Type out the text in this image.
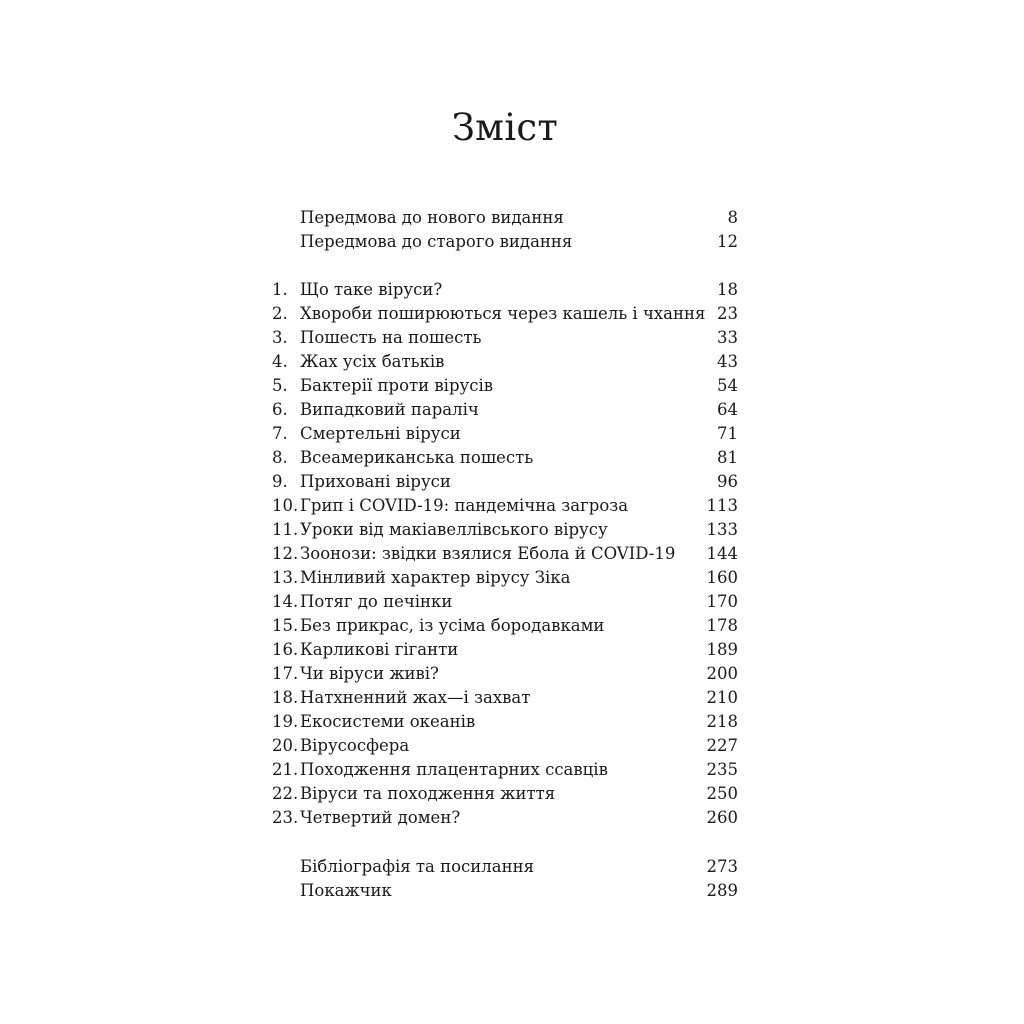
Зміст
Передмова до нового видання	8
Передмова до старого видання	12
1. Що таке віруси?	18
2. Хвороби поширюються через кашель і чхання 23
3. Пошесть на пошесть	33
4. Жах усіх батьків	43
5. Бактерії проти вірусів	54
6. Випадковий параліч	64
7. Смертельні віруси	71
8. Всеамериканська пошесть	81
9. Приховані віруси	96
10. Грип і COVID-19: пандемічна загроза	113
11. Уроки від макіавеллівського вірусу	133
12. Зоонози: звідки взялися Ебола й COVID-19 144
13. Мінливий характер вірусу Зіка	160
14. Потяг до печінки	170
15. Без прикрас, із усіма бородавками	178
16. Карликові гіганти	189
17. Чи віруси живі?	200
18. Натхненний жах—і захват	210
19. Екосистеми океанів	218
20. Вірусосфера	227
21. Походження плацентарних ссавців	235
22. Віруси та походження життя	250
23. Четвертий домен?	260
Бібліографія та посилання	273
Покажчик	289
